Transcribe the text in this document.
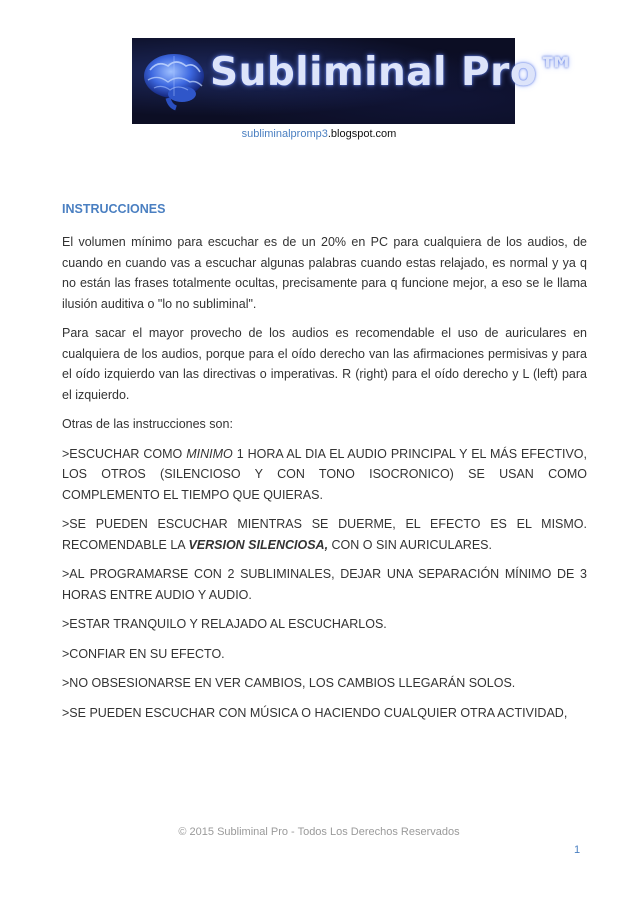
Subliminal Pro™
subliminalpromp3.blogspot.com
INSTRUCCIONES

El volumen mínimo para escuchar es de un 20% en PC para cualquiera de los audios, de cuando en cuando vas a escuchar algunas palabras cuando estas relajado, es normal y ya q no están las frases totalmente ocultas, precisamente para q funcione mejor, a eso se le llama ilusión auditiva o "lo no subliminal".

Para sacar el mayor provecho de los audios es recomendable el uso de auriculares en cualquiera de los audios, porque para el oído derecho van las afirmaciones permisivas y para el oído izquierdo van las directivas o imperativas. R (right) para el oído derecho y L (left) para el izquierdo.

Otras de las instrucciones son:

>ESCUCHAR COMO MINIMO 1 HORA AL DIA EL AUDIO PRINCIPAL Y EL MÁS EFECTIVO, LOS OTROS (SILENCIOSO Y CON TONO ISOCRONICO) SE USAN COMO COMPLEMENTO EL TIEMPO QUE QUIERAS.

>SE PUEDEN ESCUCHAR MIENTRAS SE DUERME, EL EFECTO ES EL MISMO. RECOMENDABLE LA VERSION SILENCIOSA, CON O SIN AURICULARES.

>AL PROGRAMARSE CON 2 SUBLIMINALES, DEJAR UNA SEPARACIÓN MÍNIMO DE 3 HORAS ENTRE AUDIO Y AUDIO.

>ESTAR TRANQUILO Y RELAJADO AL ESCUCHARLOS.

>CONFIAR EN SU EFECTO.

>NO OBSESIONARSE EN VER CAMBIOS, LOS CAMBIOS LLEGARÁN SOLOS.

>SE PUEDEN ESCUCHAR CON MÚSICA O HACIENDO CUALQUIER OTRA ACTIVIDAD,

© 2015 Subliminal Pro - Todos Los Derechos Reservados
1
